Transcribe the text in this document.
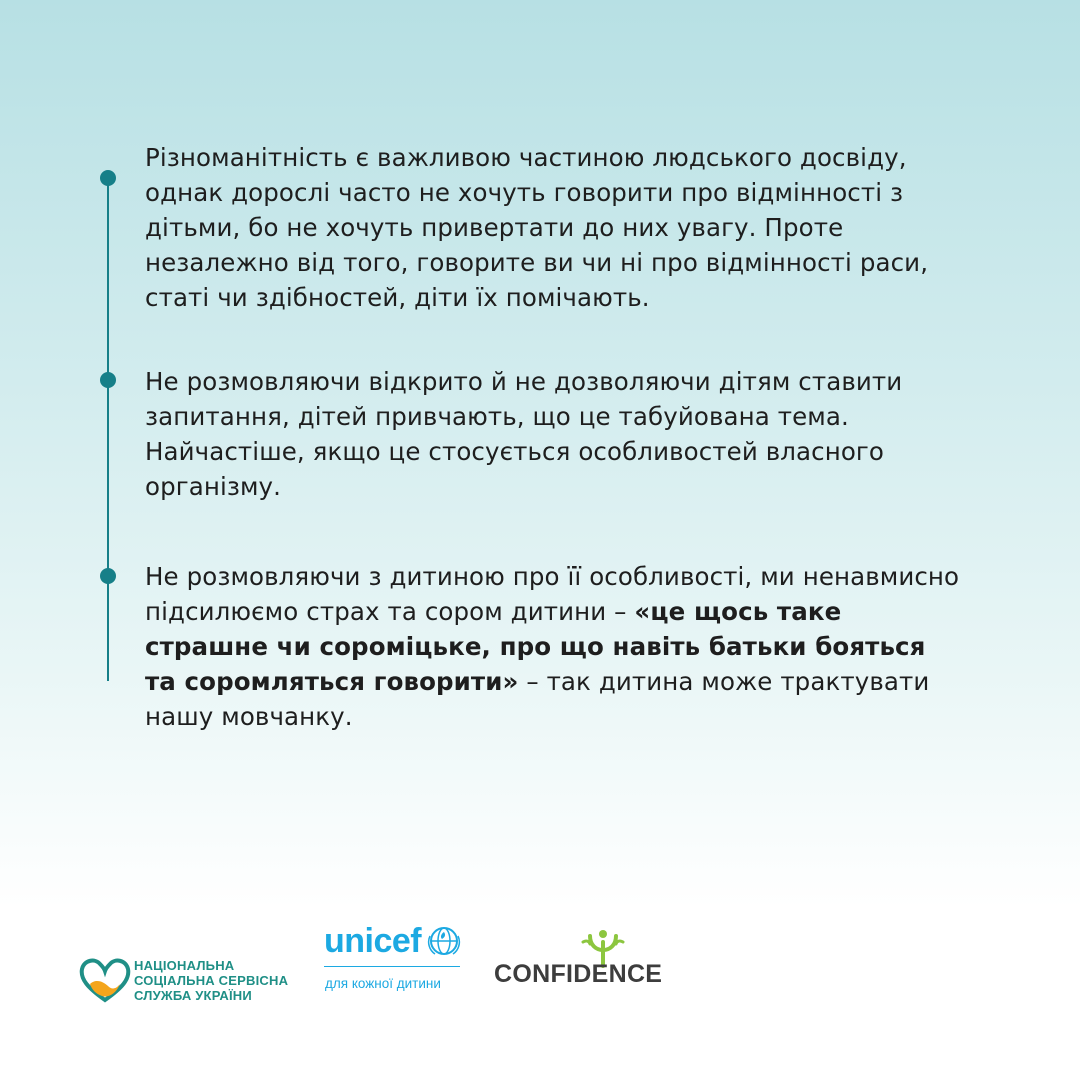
Різноманітність є важливою частиною людського досвіду, однак дорослі часто не хочуть говорити про відмінності з дітьми, бо не хочуть привертати до них увагу. Проте незалежно від того, говорите ви чи ні про відмінності раси, статі чи здібностей, діти їх помічають.

Не розмовляючи відкрито й не дозволяючи дітям ставити запитання, дітей привчають, що це табуйована тема. Найчастіше, якщо це стосується особливостей власного організму.

Не розмовляючи з дитиною про її особливості, ми ненавмисно підсилюємо страх та сором дитини – «це щось таке страшне чи сороміцьке, про що навіть батьки бояться та соромляться говорити» – так дитина може трактувати нашу мовчанку.

НАЦІОНАЛЬНА
СОЦІАЛЬНА СЕРВІСНА
СЛУЖБА УКРАЇНИ
unicef
для кожної дитини CONFIDENCE
